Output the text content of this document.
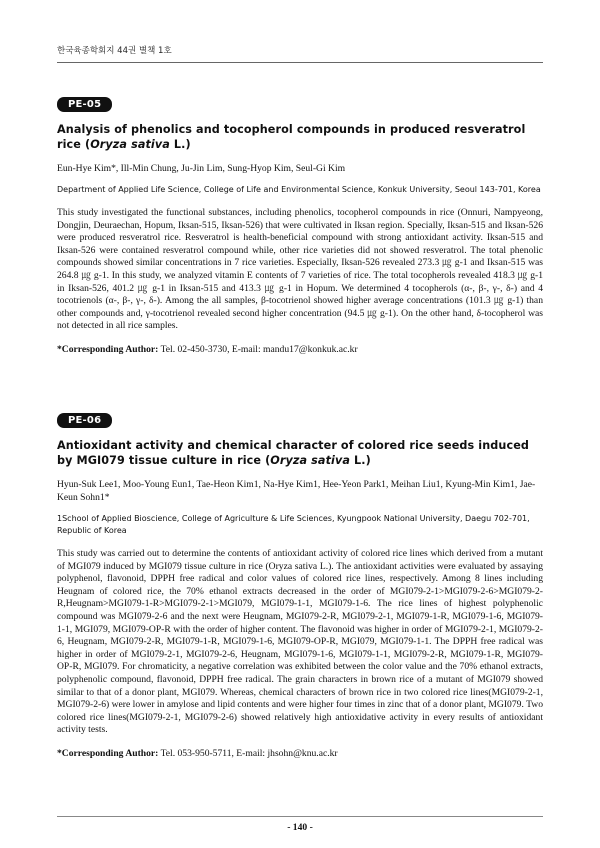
한국육종학회지 44권 별책 1호
PE-05
Analysis of phenolics and tocopherol compounds in produced resveratrol rice (Oryza sativa L.)
Eun-Hye Kim*, Ill-Min Chung, Ju-Jin Lim, Sung-Hyop Kim, Seul-Gi Kim
Department of Applied Life Science, College of Life and Environmental Science, Konkuk University, Seoul 143-701, Korea
This study investigated the functional substances, including phenolics, tocopherol compounds in rice (Onnuri, Nampyeong, Dongjin, Deuraechan, Hopum, Iksan-515, Iksan-526) that were cultivated in Iksan region. Specially, Iksan-515 and Iksan-526 were produced resveratrol rice. Resveratrol is health-beneficial compound with strong antioxidant activity. Iksan-515 and Iksan-526 were contained resveratrol compound while, other rice varieties did not showed resveratrol. The total phenolic compounds showed similar concentrations in 7 rice varieties. Especially, Iksan-526 revealed 273.3 ㎍ g-1 and Iksan-515 was 264.8 ㎍ g-1. In this study, we analyzed vitamin E contents of 7 varieties of rice. The total tocopherols revealed 418.3 ㎍ g-1 in Iksan-526, 401.2 ㎍ g-1 in Iksan-515 and 413.3 ㎍ g-1 in Hopum. We determined 4 tocopherols (α-, β-, γ-, δ-) and 4 tocotrienols (α-, β-, γ-, δ-). Among the all samples, β-tocotrienol showed higher average concentrations (101.3 ㎍ g-1) than other compounds and, γ-tocotrienol revealed second higher concentration (94.5 ㎍ g-1). On the other hand, δ-tocopherol was not detected in all rice samples.
*Corresponding Author: Tel. 02-450-3730, E-mail: mandu17@konkuk.ac.kr
PE-06
Antioxidant activity and chemical character of colored rice seeds induced by MGI079 tissue culture in rice (Oryza sativa L.)
Hyun-Suk Lee1, Moo-Young Eun1, Tae-Heon Kim1, Na-Hye Kim1, Hee-Yeon Park1, Meihan Liu1, Kyung-Min Kim1, Jae-Keun Sohn1*
1School of Applied Bioscience, College of Agriculture & Life Sciences, Kyungpook National University, Daegu 702-701, Republic of Korea
This study was carried out to determine the contents of antioxidant activity of colored rice lines which derived from a mutant of MGI079 induced by MGI079 tissue culture in rice (Oryza sativa L.). The antioxidant activities were evaluated by assaying polyphenol, flavonoid, DPPH free radical and color values of colored rice lines, respectively. Among 8 lines including Heugnam of colored rice, the 70% ethanol extracts decreased in the order of MGI079-2-1>MGI079-2-6>MGI079-2-R,Heugnam>MGI079-1-R>MGI079-2-1>MGI079, MGI079-1-1, MGI079-1-6. The rice lines of highest polyphenolic compound was MGI079-2-6 and the next were Heugnam, MGI079-2-R, MGI079-2-1, MGI079-1-R, MGI079-1-6, MGI079-1-1, MGI079, MGI079-OP-R with the order of higher content. The flavonoid was higher in order of MGI079-2-1, MGI079-2-6, Heugnam, MGI079-2-R, MGI079-1-R, MGI079-1-6, MGI079-OP-R, MGI079, MGI079-1-1. The DPPH free radical was higher in order of MGI079-2-1, MGI079-2-6, Heugnam, MGI079-1-6, MGI079-1-1, MGI079-2-R, MGI079-1-R, MGI079-OP-R, MGI079. For chromaticity, a negative correlation was exhibited between the color value and the 70% ethanol extracts, polyphenolic compound, flavonoid, DPPH free radical. The grain characters in brown rice of a mutant of MGI079 showed similar to that of a donor plant, MGI079. Whereas, chemical characters of brown rice in two colored rice lines(MGI079-2-1, MGI079-2-6) were lower in amylose and lipid contents and were higher four times in zinc that of a donor plant, MGI079. Two colored rice lines(MGI079-2-1, MGI079-2-6) showed relatively high antioxidative activity in every results of antioxidant activity tests.
*Corresponding Author: Tel. 053-950-5711, E-mail: jhsohn@knu.ac.kr
- 140 -
